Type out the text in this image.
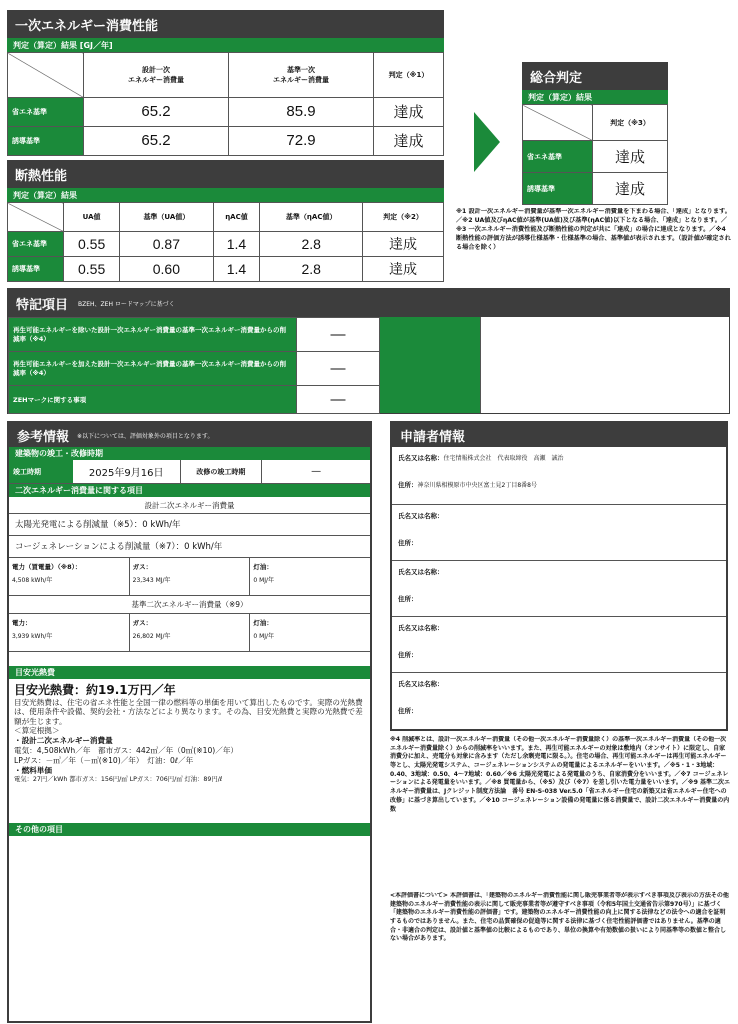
一次エネルギー消費性能
判定（算定）結果 [GJ／年]
	設計一次
エネルギー消費量	基準一次
エネルギー消費量	判定（※1）
省エネ基準	65.2	85.9	達成
誘導基準	65.2	72.9	達成
断熱性能
判定（算定）結果
	UA値	基準（UA値）	ηAC値	基準（ηAC値）	判定（※2）
省エネ基準	0.55	0.87	1.4	2.8	達成
誘導基準	0.55	0.60	1.4	2.8	達成
総合判定
判定（算定）結果
	判定（※3）
省エネ基準	達成
誘導基準	達成
※1 設計一次エネルギー消費量が基準一次エネルギー消費量を下まわる場合、「達成」となります。／※2 UA値及びηAC値が基準(UA値)及び基準(ηAC値)以下となる場合、「達成」となります。／※3 一次エネルギー消費性能及び断熱性能の判定が共に「達成」の場合に達成となります。／※4 断熱性能の評価方法が誘導仕様基準・仕様基準の場合、基準値が表示されます。（設計値が確定される場合を除く）
特記項目 BZEH、ZEH ロードマップに基づく
再生可能エネルギーを除いた設計一次エネルギー消費量の基準一次エネルギー消費量からの削減率（※4）	—
再生可能エネルギーを加えた設計一次エネルギー消費量の基準一次エネルギー消費量からの削減率（※4）	—
ZEHマークに関する事項	—
参考情報 ※以下については、評価対象外の項目となります。
建築物の竣工・改修時期
竣工時期	2025年9月16日	改修の竣工時期	—
二次エネルギー消費量に関する項目
設計二次エネルギー消費量
太陽光発電による削減量（※5）：0 kWh/年
コージェネレーションによる削減量（※7）：0 kWh/年
電力（買電量）（※8）：
4,508 kWh/年
ガス：
23,343 MJ/年
灯油：
0 MJ/年
基準二次エネルギー消費量（※9）
電力：
3,939 kWh/年
ガス：
26,802 MJ/年
灯油：
0 MJ/年
目安光熱費
目安光熱費：約19.1万円／年
目安光熱費は、住宅の省エネ性能と全国一律の燃料等の単価を用いて算出したものです。実際の光熱費は、使用条件や設備、契約会社・方法などにより異なります。その為、目安光熱費と実際の光熱費で差額が生じます。
＜算定根拠＞
・設計二次エネルギー消費量
電気：4,508kWh／年　都市ガス：442㎥／年（0㎥(※10)／年）
LPガス：－㎥／年（－㎥(※10)／年）　灯油：0ℓ／年
・燃料単価
電気：27円／kWh 都市ガス：156円/㎥ LPガス：706円/㎥ 灯油：89円/ℓ
その他の項目
申請者情報
氏名又は名称：住宅情報株式会社　代表取締役　高瀬　誠治
住所：神奈川県相模原市中央区富士見2丁目8番8号
氏名又は名称：
住所：
氏名又は名称：
住所：
氏名又は名称：
住所：
氏名又は名称：
住所：
※4 削減率とは、設計一次エネルギー消費量（その他一次エネルギー消費量除く）の基準一次エネルギー消費量（その他一次エネルギー消費量除く）からの削減率をいいます。また、再生可能エネルギーの対象は敷地内（オンサイト）に限定し、自家消費分に加え、売電分も対象に含みます（ただし余剰売電に限る。）。住宅の場合、再生可能エネルギーは再生可能エネルギー等とし、太陽光発電システム、コージェネレーションシステムの発電量によるエネルギーをいいます。／※5・1・3地域：0.40、3地域：0.50、4～7地域：0.60／※6 太陽光発電による発電量のうち、自家消費分をいいます。／※7 コージェネレーションによる発電量をいいます。／※8 買電量から、（※5）及び（※7）を差し引いた電力量をいいます。／※9 基準二次エネルギー消費量は、Jクレジット制度方法論　番号 EN-S-038 Ver.5.0「省エネルギー住宅の新築又は省エネルギー住宅への改修」に基づき算出しています。／※10 コージェネレーション設備の発電量に係る消費量で、設計二次エネルギー消費量の内数
<本評価書について> 本評価書は、「建築物のエネルギー消費性能に関し販売事業者等が表示すべき事項及び表示の方法その他建築物のエネルギー消費性能の表示に関して販売事業者等が遵守すべき事項（令和5年国土交通省告示第970号）」に基づく「建築物のエネルギー消費性能の評価書」です。建築物のエネルギー消費性能の向上に関する法律などの法令への適合を証明するものではありません。また、住宅の品質確保の促進等に関する法律に基づく住宅性能評価書ではありません。基準の適合・非適合の判定は、設計値と基準値の比較によるものであり、単位の換算や有効数値の扱いにより同基準等の数値と整合しない場合があります。
